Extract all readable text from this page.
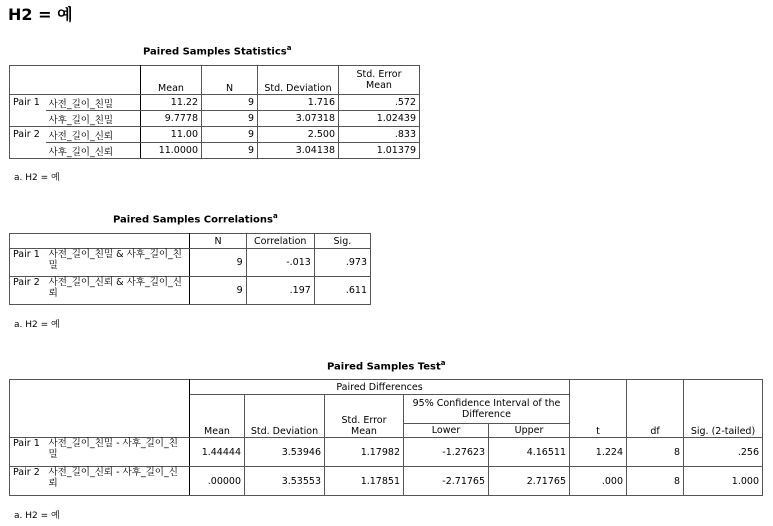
H2 = 예
Paired Samples Statistics$^a$
		Mean	N	Std. Deviation	Std. Error
Mean
Pair 1	사전_길이_친밀	11.22	9	1.716	.572
	사후_길이_친밀	9.7778	9	3.07318	1.02439
Pair 2	사전_길이_신뢰	11.00	9	2.500	.833
	사후_길이_신뢰	11.0000	9	3.04138	1.01379
a. H2 = 예
Paired Samples Correlations$^a$
		N	Correlation	Sig.
Pair 1	사전_길이_친밀 & 사후_길이_친밀	9	-.013	.973
Pair 2	사전_길이_신뢰 & 사후_길이_신뢰	9	.197	.611
a. H2 = 예
Paired Samples Test$^a$
		Paired Differences					t	df	Sig. (2-tailed)
		Mean	Std. Deviation	Std. Error Mean	95% Confidence Interval of the Difference				
					Lower	Upper			
Pair 1	사전_길이_친밀 - 사후_길이_친밀	1.44444	3.53946	1.17982	-1.27623	4.16511	1.224	8	.256
Pair 2	사전_길이_신뢰 - 사후_길이_신뢰	.00000	3.53553	1.17851	-2.71765	2.71765	.000	8	1.000
a. H2 = 예
